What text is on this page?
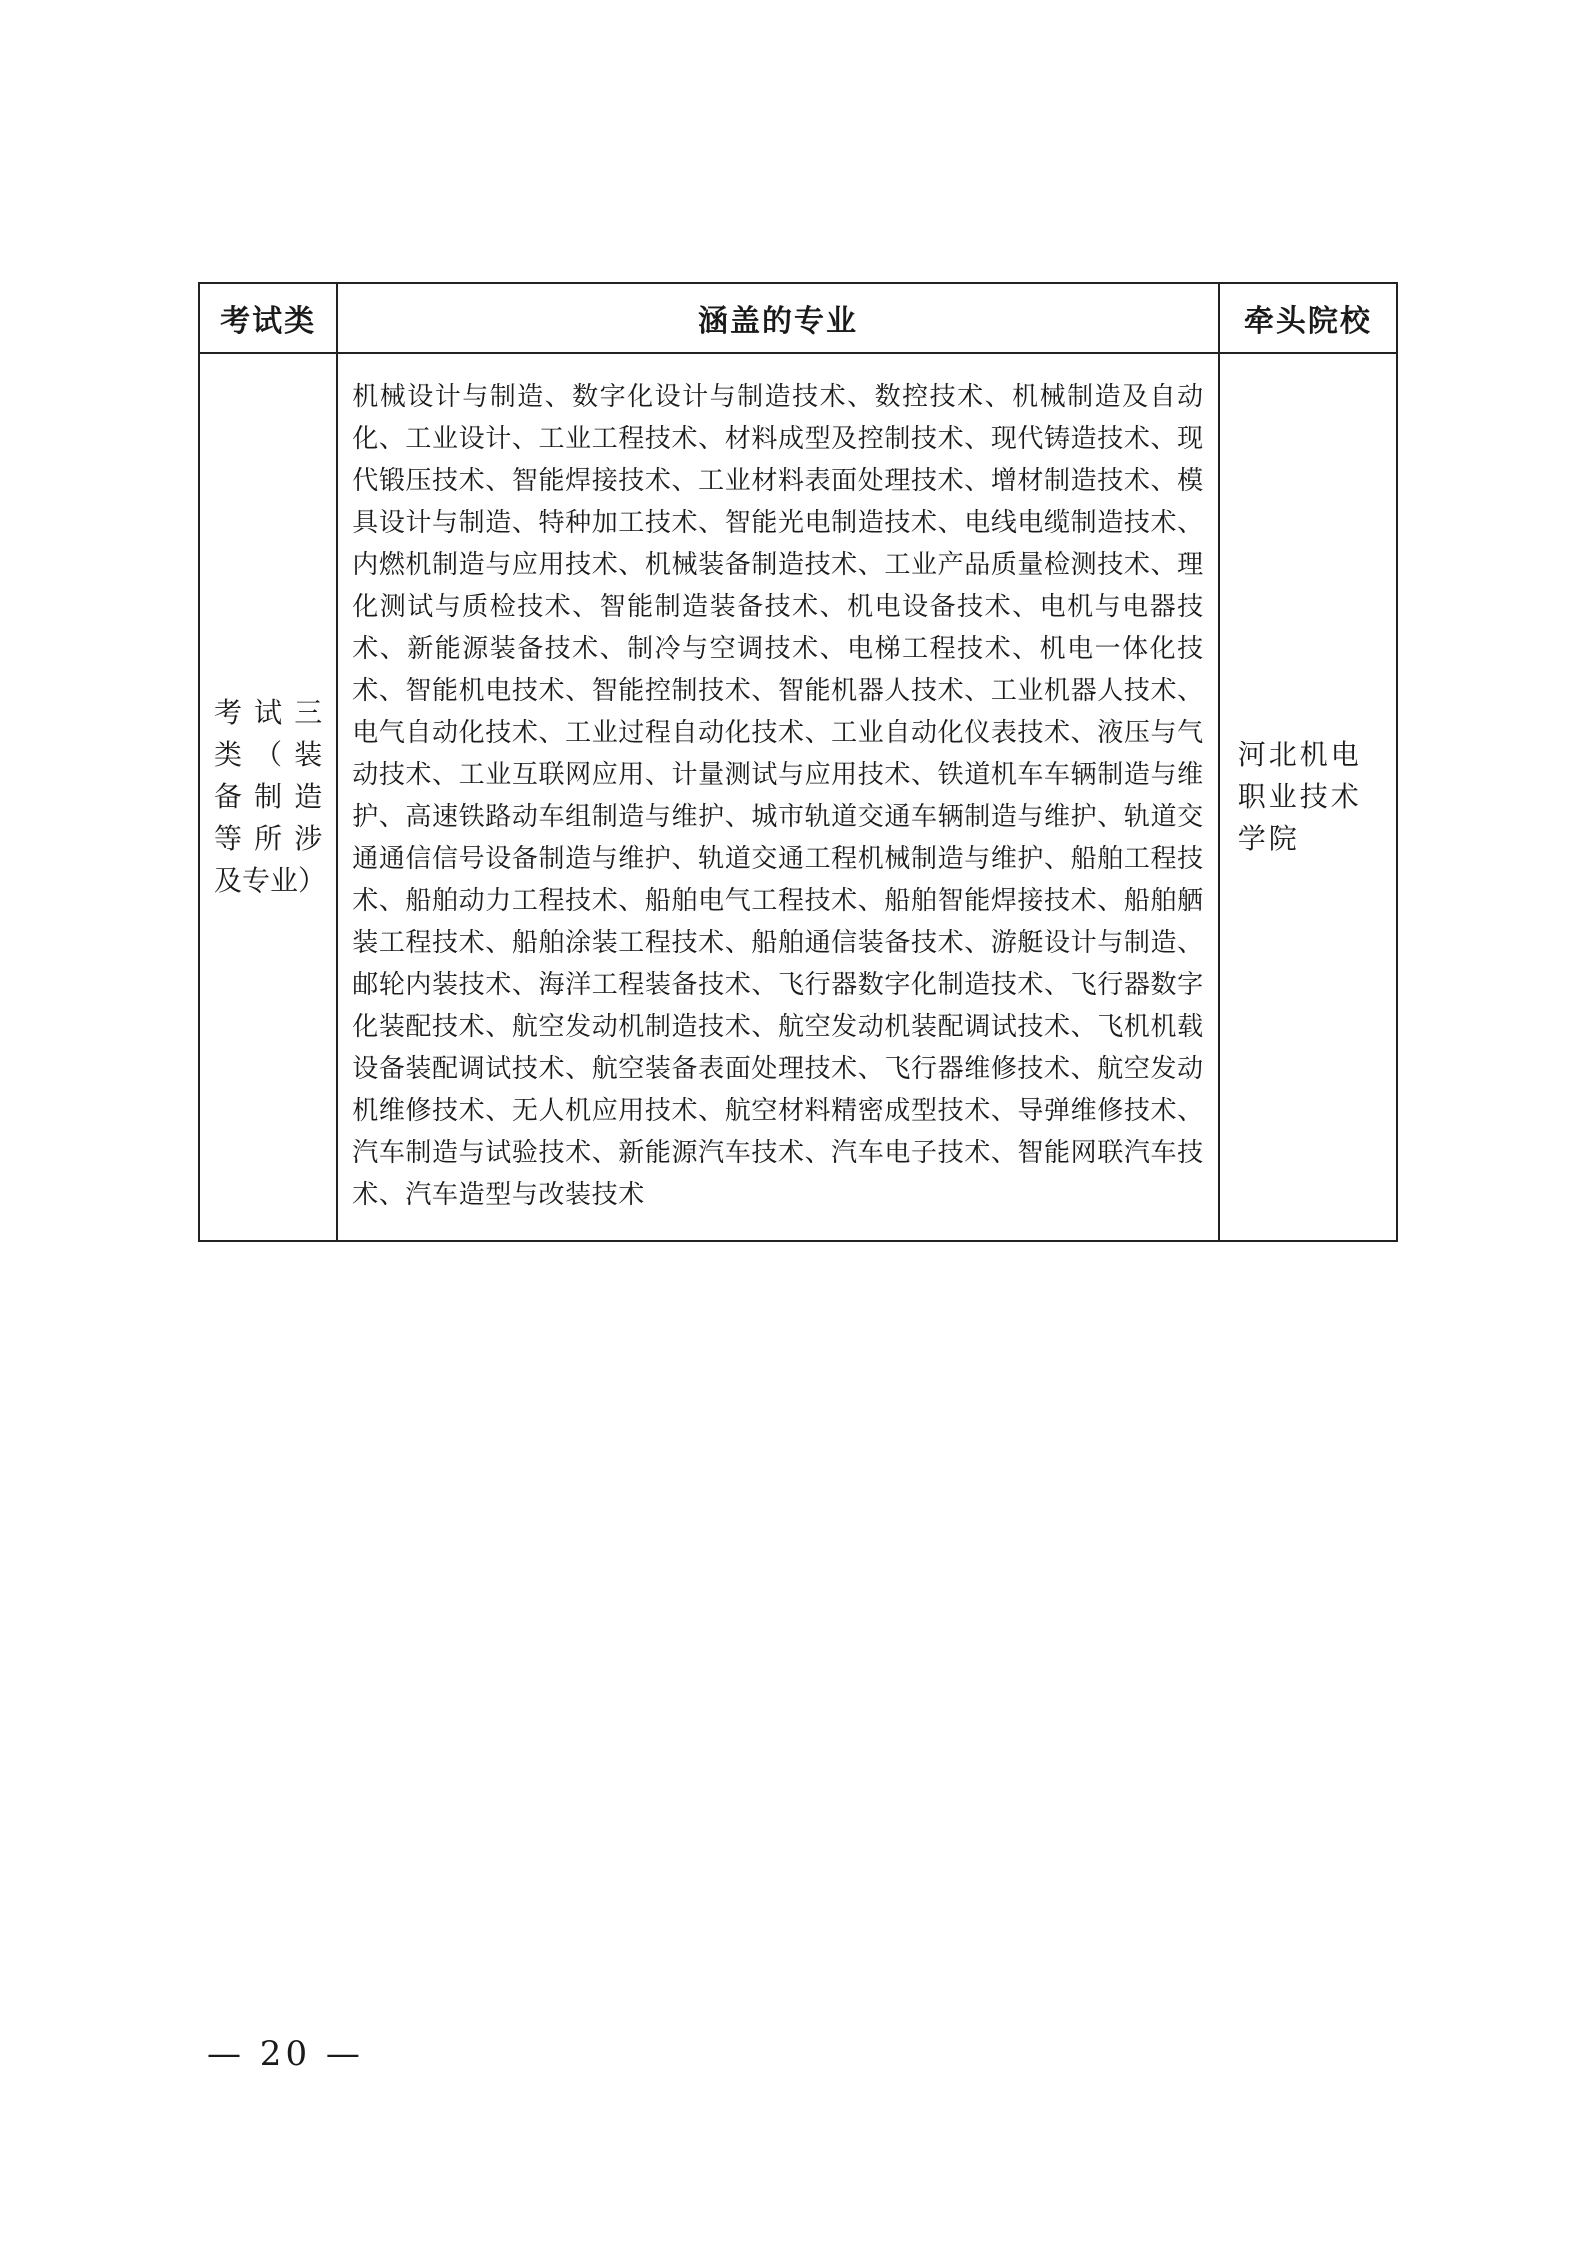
考试类	涵盖的专业	牵头院校
考试三类（装备制造等所涉及专业）	机械设计与制造、数字化设计与制造技术、数控技术、机械制造及自动化、工业设计、工业工程技术、材料成型及控制技术、现代铸造技术、现代锻压技术、智能焊接技术、工业材料表面处理技术、增材制造技术、模具设计与制造、特种加工技术、智能光电制造技术、电线电缆制造技术、内燃机制造与应用技术、机械装备制造技术、工业产品质量检测技术、理化测试与质检技术、智能制造装备技术、机电设备技术、电机与电器技术、新能源装备技术、制冷与空调技术、电梯工程技术、机电一体化技术、智能机电技术、智能控制技术、智能机器人技术、工业机器人技术、电气自动化技术、工业过程自动化技术、工业自动化仪表技术、液压与气动技术、工业互联网应用、计量测试与应用技术、铁道机车车辆制造与维护、高速铁路动车组制造与维护、城市轨道交通车辆制造与维护、轨道交通通信信号设备制造与维护、轨道交通工程机械制造与维护、船舶工程技术、船舶动力工程技术、船舶电气工程技术、船舶智能焊接技术、船舶舾装工程技术、船舶涂装工程技术、船舶通信装备技术、游艇设计与制造、邮轮内装技术、海洋工程装备技术、飞行器数字化制造技术、飞行器数字化装配技术、航空发动机制造技术、航空发动机装配调试技术、飞机机载设备装配调试技术、航空装备表面处理技术、飞行器维修技术、航空发动机维修技术、无人机应用技术、航空材料精密成型技术、导弹维修技术、汽车制造与试验技术、新能源汽车技术、汽车电子技术、智能网联汽车技术、汽车造型与改装技术	河北机电职业技术学院
— 20 —
